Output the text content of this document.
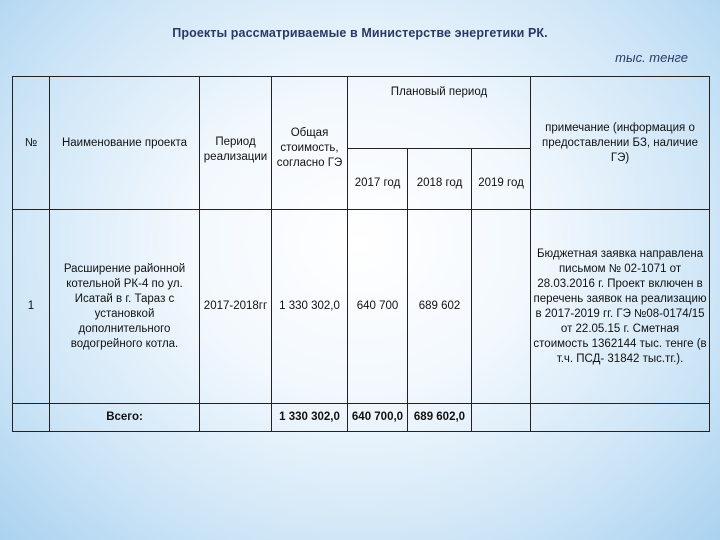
Проекты рассматриваемые в Министерстве энергетики РК.
тыс. тенге
№	Наименование проекта	Период реализации	Общая стоимость, согласно ГЭ	Плановый период			примечание (информация о предоставлении БЗ, наличие ГЭ)
				2017 год	2018 год	2019 год	
1	Расширение районной котельной РК-4 по ул. Исатай в г. Тараз с установкой дополнительного водогрейного котла.	2017-2018гг	1 330 302,0	640 700	689 602		Бюджетная заявка направлена письмом № 02-1071 от 28.03.2016 г. Проект включен в перечень заявок на реализацию в 2017-2019 гг. ГЭ №08-0174/15 от 22.05.15 г. Сметная стоимость 1362144 тыс. тенге (в т.ч. ПСД- 31842 тыс.тг.).
	Всего:		1 330 302,0	640 700,0	689 602,0		
